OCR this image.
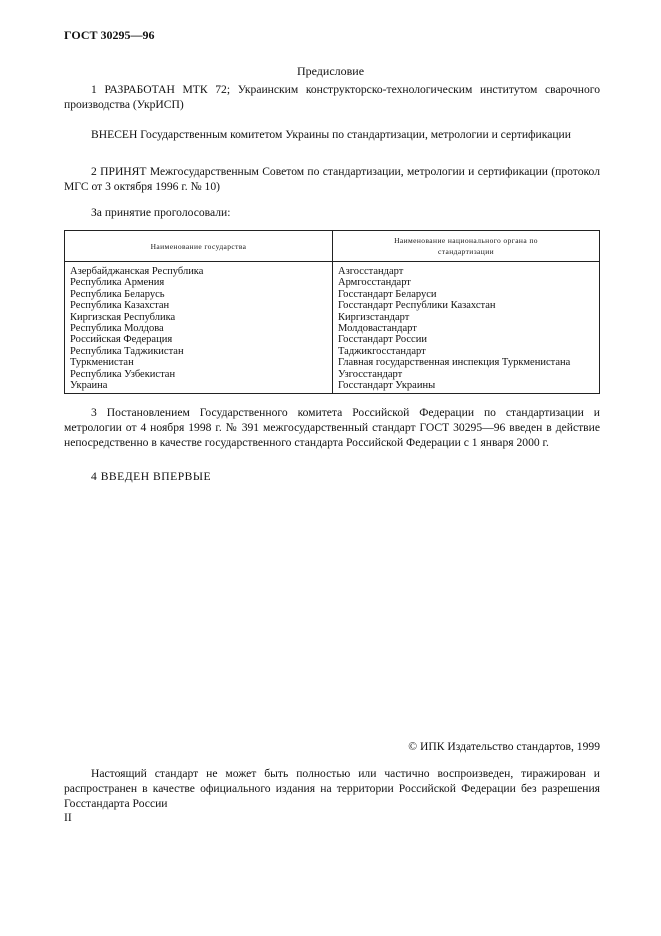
ГОСТ 30295—96
Предисловие

1 РАЗРАБОТАН МТК 72; Украинским конструкторско-технологическим институтом сварочного производства (УкрИСП)

ВНЕСЕН Государственным комитетом Украины по стандартизации, метрологии и сертификации

2 ПРИНЯТ Межгосударственным Советом по стандартизации, метрологии и сертификации (протокол МГС от 3 октября 1996 г. № 10)

За принятие проголосовали:

Наименование государства	Наименование национального органа по стандартизации
Азербайджанская Республика	Азгосстандарт
Республика Армения	Армгосстандарт
Республика Беларусь	Госстандарт Беларуси
Республика Казахстан	Госстандарт Республики Казахстан
Киргизская Республика	Киргизстандарт
Республика Молдова	Молдовастандарт
Российская Федерация	Госстандарт России
Республика Таджикистан	Таджикгосстандарт
Туркменистан	Главная государственная инспекция Туркменистана
Республика Узбекистан	Узгосстандарт
Украина	Госстандарт Украины

3 Постановлением Государственного комитета Российской Федерации по стандартизации и метрологии от 4 ноября 1998 г. № 391 межгосударственный стандарт ГОСТ 30295—96 введен в действие непосредственно в качестве государственного стандарта Российской Федерации с 1 января 2000 г.

4 ВВЕДЕН ВПЕРВЫЕ

© ИПК Издательство стандартов, 1999

Настоящий стандарт не может быть полностью или частично воспроизведен, тиражирован и распространен в качестве официального издания на территории Российской Федерации без разрешения Госстандарта России

II
